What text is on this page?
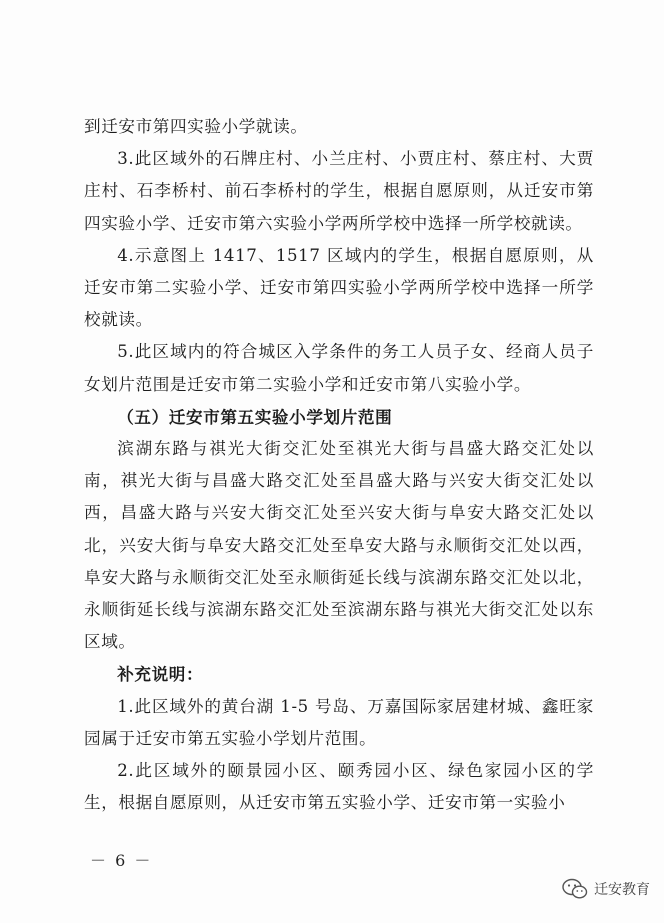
到迁安市第四实验小学就读。

3.此区域外的石牌庄村、小兰庄村、小贾庄村、蔡庄村、大贾庄村、石李桥村、前石李桥村的学生，根据自愿原则，从迁安市第四实验小学、迁安市第六实验小学两所学校中选择一所学校就读。

4.示意图上 1417、1517 区域内的学生，根据自愿原则，从迁安市第二实验小学、迁安市第四实验小学两所学校中选择一所学校就读。

5.此区域内的符合城区入学条件的务工人员子女、经商人员子女划片范围是迁安市第二实验小学和迁安市第八实验小学。

（五）迁安市第五实验小学划片范围

滨湖东路与祺光大街交汇处至祺光大街与昌盛大路交汇处以南，祺光大街与昌盛大路交汇处至昌盛大路与兴安大街交汇处以西，昌盛大路与兴安大街交汇处至兴安大街与阜安大路交汇处以北，兴安大街与阜安大路交汇处至阜安大路与永顺街交汇处以西，阜安大路与永顺街交汇处至永顺街延长线与滨湖东路交汇处以北，永顺街延长线与滨湖东路交汇处至滨湖东路与祺光大街交汇处以东区域。

补充说明：

1.此区域外的黄台湖 1-5 号岛、万嘉国际家居建材城、鑫旺家园属于迁安市第五实验小学划片范围。

2.此区域外的颐景园小区、颐秀园小区、绿色家园小区的学生，根据自愿原则，从迁安市第五实验小学、迁安市第一实验小

－ 6 －
迁安教育
